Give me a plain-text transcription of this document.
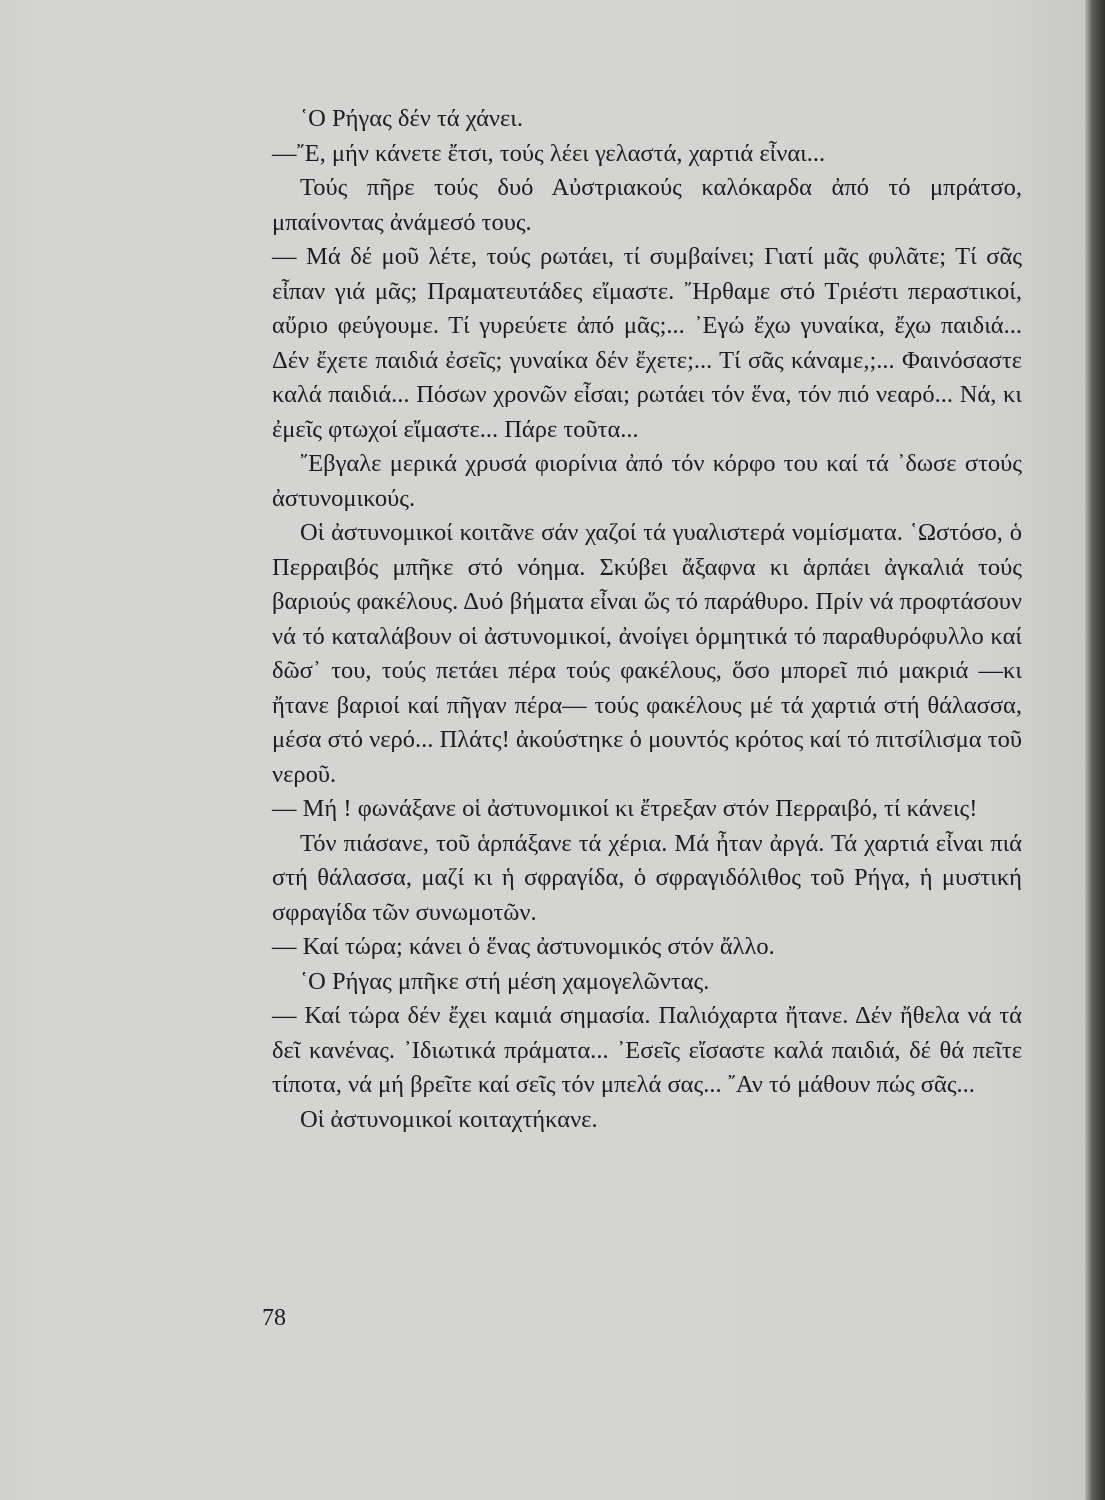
῾Ο Ρήγας δέν τά χάνει.

—῎Ε, μήν κάνετε ἔτσι, τούς λέει γελαστά, χαρτιά εἶναι...

Τούς πῆρε τούς δυό Αὐστριακούς καλόκαρδα ἀπό τό μπράτσο, μπαίνοντας ἀνάμεσό τους.

— Μά δέ μοῦ λέτε, τούς ρωτάει, τί συμβαίνει; Γιατί μᾶς φυλᾶτε; Τί σᾶς εἶπαν γιά μᾶς; Πραματευτάδες εἴμαστε. ῎Ηρθαμε στό Τριέστι περαστικοί, αὔριο φεύγουμε. Τί γυρεύετε ἀπό μᾶς;... ᾿Εγώ ἔχω γυναίκα, ἔχω παιδιά... Δέν ἔχετε παιδιά ἐσεῖς; γυναίκα δέν ἔχετε;... Τί σᾶς κάναμε,;... Φαινόσαστε καλά παιδιά... Πόσων χρονῶν εἶσαι; ρωτάει τόν ἕνα, τόν πιό νεαρό... Νά, κι ἐμεῖς φτωχοί εἴμαστε... Πάρε τοῦτα...

῎Εβγαλε μερικά χρυσά φιορίνια ἀπό τόν κόρφο του καί τά ᾽δωσε στούς ἀστυνομικούς.

Οἱ ἀστυνομικοί κοιτᾶνε σάν χαζοί τά γυαλιστερά νομίσματα. ῾Ωστόσο, ὁ Περραιβός μπῆκε στό νόημα. Σκύβει ἄξαφνα κι ἁρπάει ἀγκαλιά τούς βαριούς φακέλους. Δυό βήματα εἶναι ὥς τό παράθυρο. Πρίν νά προφτάσουν νά τό καταλάβουν οἱ ἀστυνομικοί, ἀνοίγει ὁρμητικά τό παραθυρόφυλλο καί δῶσ᾽ του, τούς πετάει πέρα τούς φακέλους, ὅσο μπορεῖ πιό μακριά —κι ἤτανε βαριοί καί πῆγαν πέρα— τούς φακέλους μέ τά χαρτιά στή θάλασσα, μέσα στό νερό... Πλάτς! ἀκούστηκε ὁ μουντός κρότος καί τό πιτσίλισμα τοῦ νεροῦ.

— Μή ! φωνάξανε οἱ ἀστυνομικοί κι ἔτρεξαν στόν Περραιβό, τί κάνεις!

Τόν πιάσανε, τοῦ ἁρπάξανε τά χέρια. Μά ἦταν ἀργά. Τά χαρτιά εἶναι πιά στή θάλασσα, μαζί κι ἡ σφραγίδα, ὁ σφραγιδόλιθος τοῦ Ρήγα, ἡ μυστική σφραγίδα τῶν συνωμοτῶν.

— Καί τώρα; κάνει ὁ ἕνας ἀστυνομικός στόν ἄλλο.

῾Ο Ρήγας μπῆκε στή μέση χαμογελῶντας.

— Καί τώρα δέν ἔχει καμιά σημασία. Παλιόχαρτα ἤτανε. Δέν ἤθελα νά τά δεῖ κανένας. ᾿Ιδιωτικά πράματα... ᾿Εσεῖς εἴσαστε καλά παιδιά, δέ θά πεῖτε τίποτα, νά μή βρεῖτε καί σεῖς τόν μπελά σας... ῎Αν τό μάθουν πώς σᾶς...

Οἱ ἀστυνομικοί κοιταχτήκανε.

78
